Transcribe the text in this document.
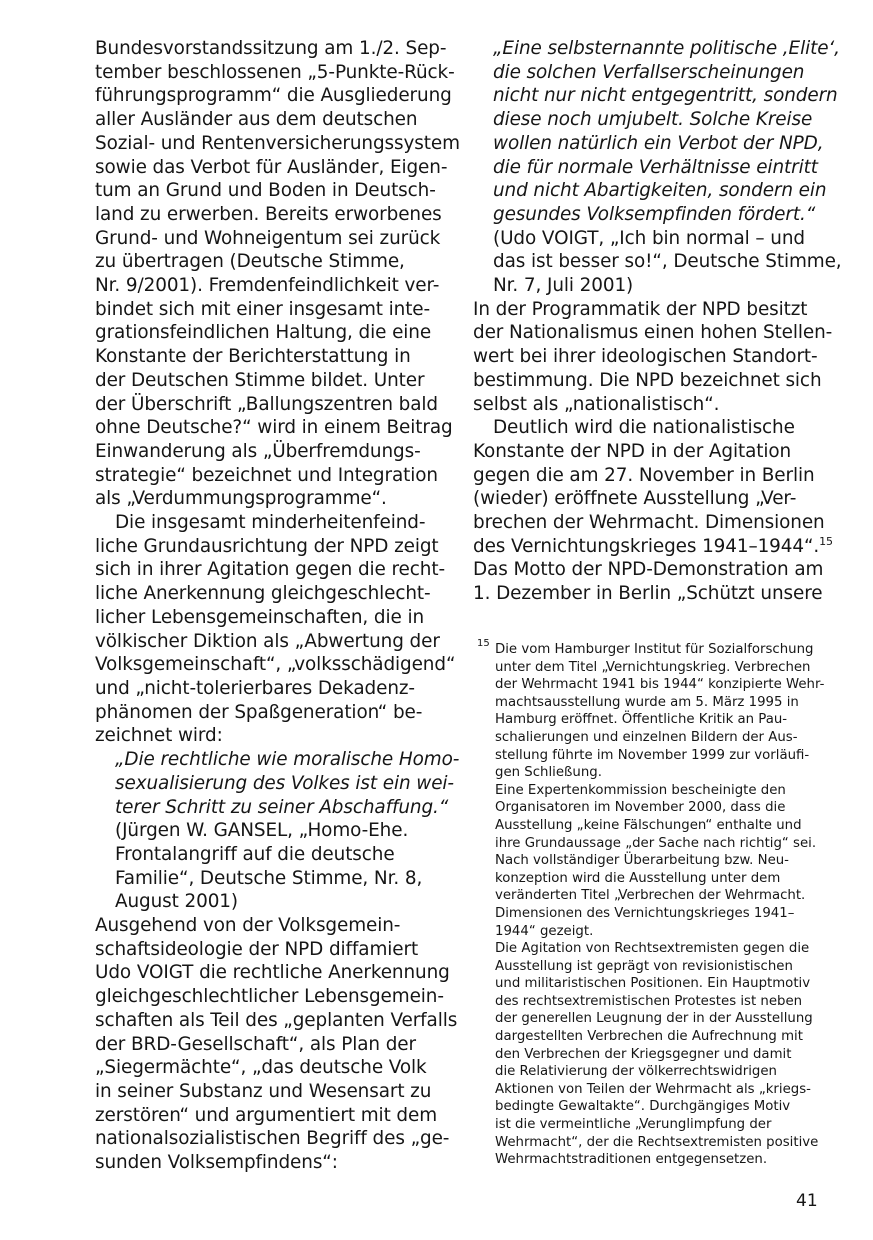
Bundesvorstandssitzung am 1./2. Sep-
tember beschlossenen „5-Punkte-Rück-
führungsprogramm“ die Ausgliederung
aller Ausländer aus dem deutschen
Sozial- und Rentenversicherungssystem
sowie das Verbot für Ausländer, Eigen-
tum an Grund und Boden in Deutsch-
land zu erwerben. Bereits erworbenes
Grund- und Wohneigentum sei zurück
zu übertragen (Deutsche Stimme,
Nr. 9/2001). Fremdenfeindlichkeit ver-
bindet sich mit einer insgesamt inte-
grationsfeindlichen Haltung, die eine
Konstante der Berichterstattung in
der Deutschen Stimme bildet. Unter
der Überschrift „Ballungszentren bald
ohne Deutsche?“ wird in einem Beitrag
Einwanderung als „Überfremdungs-
strategie“ bezeichnet und Integration
als „Verdummungsprogramme“.
Die insgesamt minderheitenfeind-
liche Grundausrichtung der NPD zeigt
sich in ihrer Agitation gegen die recht-
liche Anerkennung gleichgeschlecht-
licher Lebensgemeinschaften, die in
völkischer Diktion als „Abwertung der
Volksgemeinschaft“, „volksschädigend“
und „nicht-tolerierbares Dekadenz-
phänomen der Spaßgeneration“ be-
zeichnet wird:
„Die rechtliche wie moralische Homo-
sexualisierung des Volkes ist ein wei-
terer Schritt zu seiner Abschaffung.“
(Jürgen W. GANSEL, „Homo-Ehe.
Frontalangriff auf die deutsche
Familie“, Deutsche Stimme, Nr. 8,
August 2001)
Ausgehend von der Volksgemein-
schaftsideologie der NPD diffamiert
Udo VOIGT die rechtliche Anerkennung
gleichgeschlechtlicher Lebensgemein-
schaften als Teil des „geplanten Verfalls
der BRD-Gesellschaft“, als Plan der
„Siegermächte“, „das deutsche Volk
in seiner Substanz und Wesensart zu
zerstören“ und argumentiert mit dem
nationalsozialistischen Begriff des „ge-
sunden Volksempfindens“:
„Eine selbsternannte politische ‚Elite‘,
die solchen Verfallserscheinungen
nicht nur nicht entgegentritt, sondern
diese noch umjubelt. Solche Kreise
wollen natürlich ein Verbot der NPD,
die für normale Verhältnisse eintritt
und nicht Abartigkeiten, sondern ein
gesundes Volksempfinden fördert.“
(Udo VOIGT, „Ich bin normal – und
das ist besser so!“, Deutsche Stimme,
Nr. 7, Juli 2001)
In der Programmatik der NPD besitzt
der Nationalismus einen hohen Stellen-
wert bei ihrer ideologischen Standort-
bestimmung. Die NPD bezeichnet sich
selbst als „nationalistisch“.
Deutlich wird die nationalistische
Konstante der NPD in der Agitation
gegen die am 27. November in Berlin
(wieder) eröffnete Ausstellung „Ver-
brechen der Wehrmacht. Dimensionen
des Vernichtungskrieges 1941–1944“.$^{15}$
Das Motto der NPD-Demonstration am
1. Dezember in Berlin „Schützt unsere
15 Die vom Hamburger Institut für Sozialforschung
unter dem Titel „Vernichtungskrieg. Verbrechen
der Wehrmacht 1941 bis 1944“ konzipierte Wehr-
machtsausstellung wurde am 5. März 1995 in
Hamburg eröffnet. Öffentliche Kritik an Pau-
schalierungen und einzelnen Bildern der Aus-
stellung führte im November 1999 zur vorläufi-
gen Schließung.
Eine Expertenkommission bescheinigte den
Organisatoren im November 2000, dass die
Ausstellung „keine Fälschungen“ enthalte und
ihre Grundaussage „der Sache nach richtig“ sei.
Nach vollständiger Überarbeitung bzw. Neu-
konzeption wird die Ausstellung unter dem
veränderten Titel „Verbrechen der Wehrmacht.
Dimensionen des Vernichtungskrieges 1941–
1944“ gezeigt.
Die Agitation von Rechtsextremisten gegen die
Ausstellung ist geprägt von revisionistischen
und militaristischen Positionen. Ein Hauptmotiv
des rechtsextremistischen Protestes ist neben
der generellen Leugnung der in der Ausstellung
dargestellten Verbrechen die Aufrechnung mit
den Verbrechen der Kriegsgegner und damit
die Relativierung der völkerrechtswidrigen
Aktionen von Teilen der Wehrmacht als „kriegs-
bedingte Gewaltakte“. Durchgängiges Motiv
ist die vermeintliche „Verunglimpfung der
Wehrmacht“, der die Rechtsextremisten positive
Wehrmachtstraditionen entgegensetzen.
41
